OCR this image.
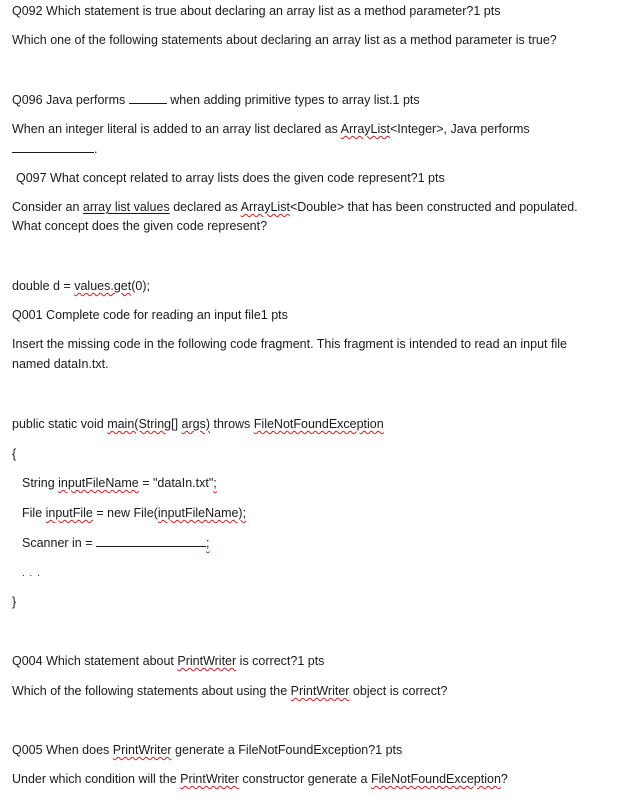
Q092 Which statement is true about declaring an array list as a method parameter?1 pts
Which one of the following statements about declaring an array list as a method parameter is true?
Q096 Java performs	when adding primitive types to array list.1 pts
When an integer literal is added to an array list declared as ArrayList<Integer>, Java performs
.
Q097 What concept related to array lists does the given code represent?1 pts
Consider an array list values declared as ArrayList<Double> that has been constructed and populated.
What concept does the given code represent?
double d = values.get(0);
Q001 Complete code for reading an input file1 pts
Insert the missing code in the following code fragment. This fragment is intended to read an input file
named dataIn.txt.
public static void main(String[] args) throws FileNotFoundException
{
String inputFileName = "dataIn.txt";
File inputFile = new File(inputFileName);
Scanner in =	;
. . .
}
Q004 Which statement about PrintWriter is correct?1 pts
Which of the following statements about using the PrintWriter object is correct?
Q005 When does PrintWriter generate a FileNotFoundException?1 pts
Under which condition will the PrintWriter constructor generate a FileNotFoundException?
